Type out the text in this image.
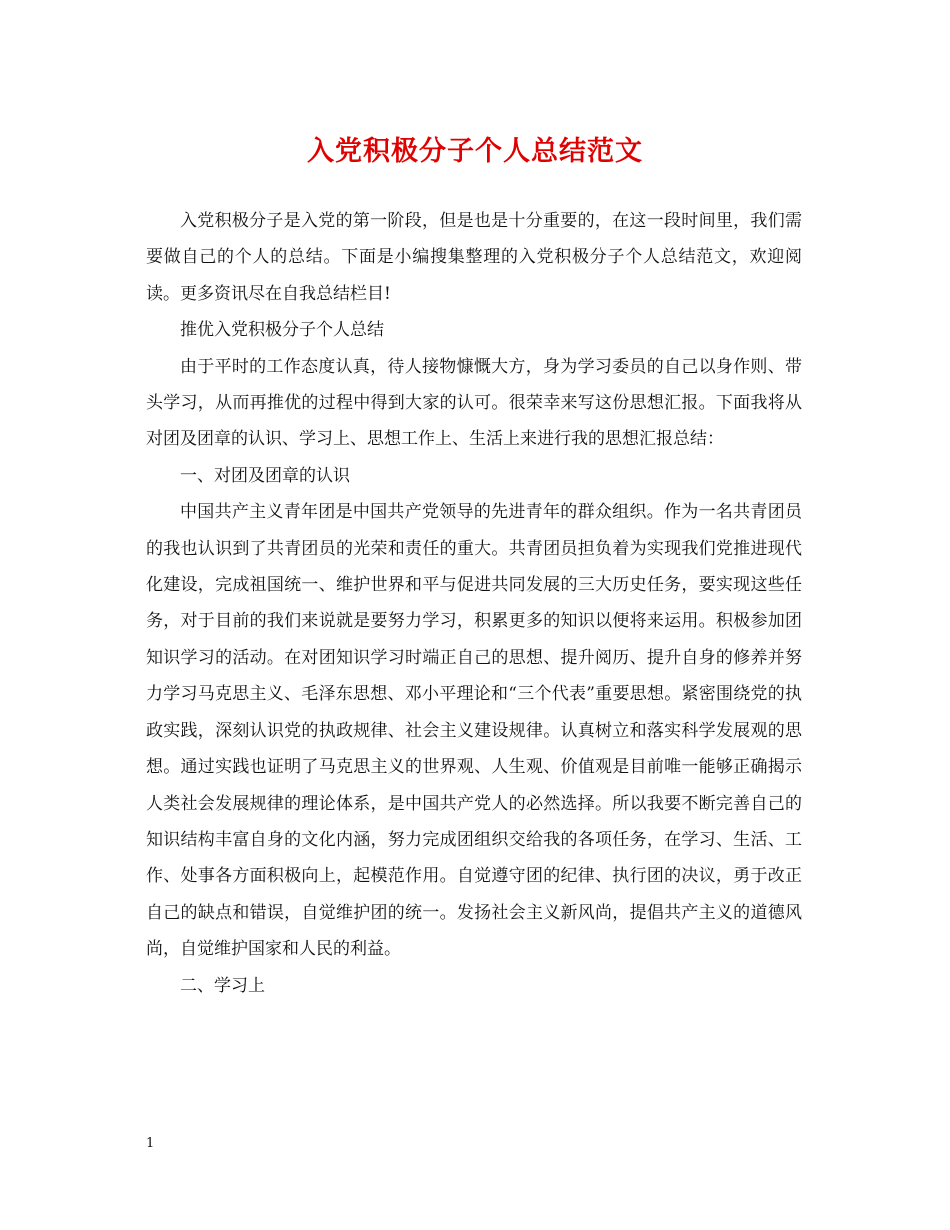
入党积极分子个人总结范文

入党积极分子是入党的第一阶段，但是也是十分重要的，在这一段时间里，我们需要做自己的个人的总结。下面是小编搜集整理的入党积极分子个人总结范文，欢迎阅读。更多资讯尽在自我总结栏目!

推优入党积极分子个人总结

由于平时的工作态度认真，待人接物慷慨大方，身为学习委员的自己以身作则、带头学习，从而再推优的过程中得到大家的认可。很荣幸来写这份思想汇报。下面我将从对团及团章的认识、学习上、思想工作上、生活上来进行我的思想汇报总结：

一、对团及团章的认识

中国共产主义青年团是中国共产党领导的先进青年的群众组织。作为一名共青团员的我也认识到了共青团员的光荣和责任的重大。共青团员担负着为实现我们党推进现代化建设，完成祖国统一、维护世界和平与促进共同发展的三大历史任务，要实现这些任务，对于目前的我们来说就是要努力学习，积累更多的知识以便将来运用。积极参加团知识学习的活动。在对团知识学习时端正自己的思想、提升阅历、提升自身的修养并努力学习马克思主义、毛泽东思想、邓小平理论和“三个代表”重要思想。紧密围绕党的执政实践，深刻认识党的执政规律、社会主义建设规律。认真树立和落实科学发展观的思想。通过实践也证明了马克思主义的世界观、人生观、价值观是目前唯一能够正确揭示人类社会发展规律的理论体系，是中国共产党人的必然选择。所以我要不断完善自己的知识结构丰富自身的文化内涵，努力完成团组织交给我的各项任务，在学习、生活、工作、处事各方面积极向上，起模范作用。自觉遵守团的纪律、执行团的决议，勇于改正自己的缺点和错误，自觉维护团的统一。发扬社会主义新风尚，提倡共产主义的道德风尚，自觉维护国家和人民的利益。

二、学习上

1
